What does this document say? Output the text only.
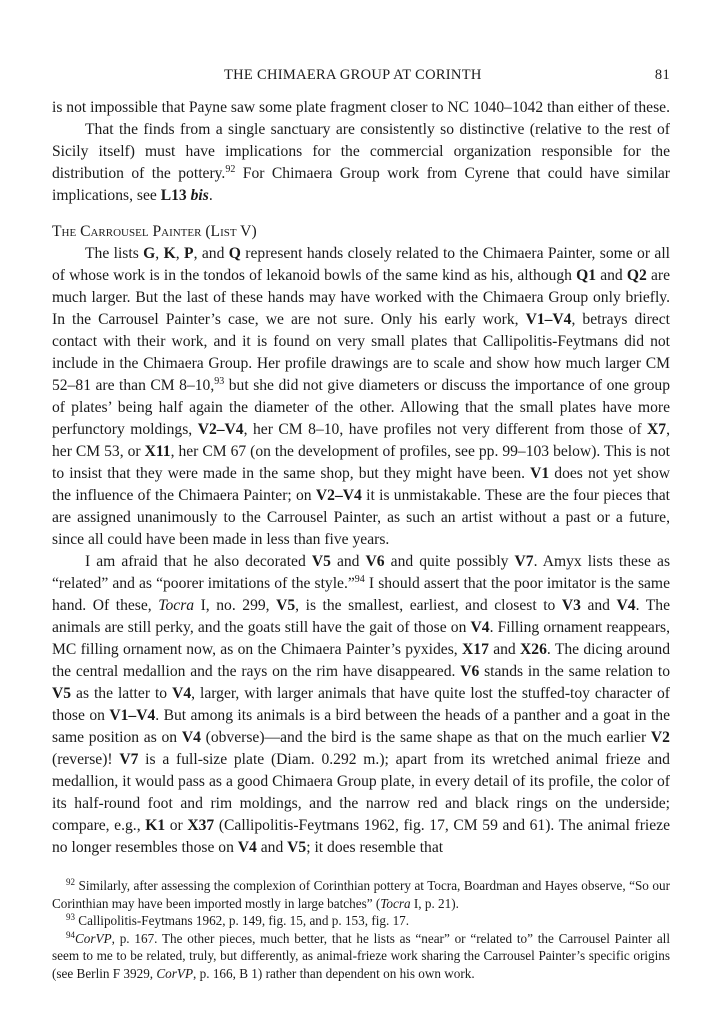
THE CHIMAERA GROUP AT CORINTH	81

is not impossible that Payne saw some plate fragment closer to NC 1040–1042 than either of these.

That the finds from a single sanctuary are consistently so distinctive (relative to the rest of Sicily itself) must have implications for the commercial organization responsible for the distribution of the pottery.$^{92}$ For Chimaera Group work from Cyrene that could have similar implications, see L13 bis.

The Carrousel Painter (List V)

The lists G, K, P, and Q represent hands closely related to the Chimaera Painter, some or all of whose work is in the tondos of lekanoid bowls of the same kind as his, although Q1 and Q2 are much larger. But the last of these hands may have worked with the Chimaera Group only briefly. In the Carrousel Painter’s case, we are not sure. Only his early work, V1–V4, betrays direct contact with their work, and it is found on very small plates that Callipolitis-Feytmans did not include in the Chimaera Group. Her profile drawings are to scale and show how much larger CM 52–81 are than CM 8–10,93 but she did not give diameters or discuss the importance of one group of plates’ being half again the diameter of the other. Allowing that the small plates have more perfunctory moldings, V2–V4, her CM 8–10, have profiles not very different from those of X7, her CM 53, or X11, her CM 67 (on the development of profiles, see pp. 99–103 below). This is not to insist that they were made in the same shop, but they might have been. V1 does not yet show the influence of the Chimaera Painter; on V2–V4 it is unmistakable. These are the four pieces that are assigned unanimously to the Carrousel Painter, as such an artist without a past or a future, since all could have been made in less than five years.

I am afraid that he also decorated V5 and V6 and quite possibly V7. Amyx lists these as “related” and as “poorer imitations of the style.”$^{94}$ I should assert that the poor imitator is the same hand. Of these, Tocra I, no. 299, V5, is the smallest, earliest, and closest to V3 and V4. The animals are still perky, and the goats still have the gait of those on V4. Filling ornament reappears, MC filling ornament now, as on the Chimaera Painter’s pyxides, X17 and X26. The dicing around the central medallion and the rays on the rim have disappeared. V6 stands in the same relation to V5 as the latter to V4, larger, with larger animals that have quite lost the stuffed-toy character of those on V1–V4. But among its animals is a bird between the heads of a panther and a goat in the same position as on V4 (obverse)—and the bird is the same shape as that on the much earlier V2 (reverse)! V7 is a full-size plate (Diam. 0.292 m.); apart from its wretched animal frieze and medallion, it would pass as a good Chimaera Group plate, in every detail of its profile, the color of its half-round foot and rim moldings, and the narrow red and black rings on the underside; compare, e.g., K1 or X37 (Callipolitis-Feytmans 1962, fig. 17, CM 59 and 61). The animal frieze no longer resembles those on V4 and V5; it does resemble that

$^{92}$ Similarly, after assessing the complexion of Corinthian pottery at Tocra, Boardman and Hayes observe, “So our Corinthian may have been imported mostly in large batches” (Tocra I, p. 21).

$^{93}$ Callipolitis-Feytmans 1962, p. 149, fig. 15, and p. 153, fig. 17.

$^{94}$CorVP, p. 167. The other pieces, much better, that he lists as “near” or “related to” the Carrousel Painter all seem to me to be related, truly, but differently, as animal-frieze work sharing the Carrousel Painter’s specific origins (see Berlin F 3929, CorVP, p. 166, B 1) rather than dependent on his own work.
